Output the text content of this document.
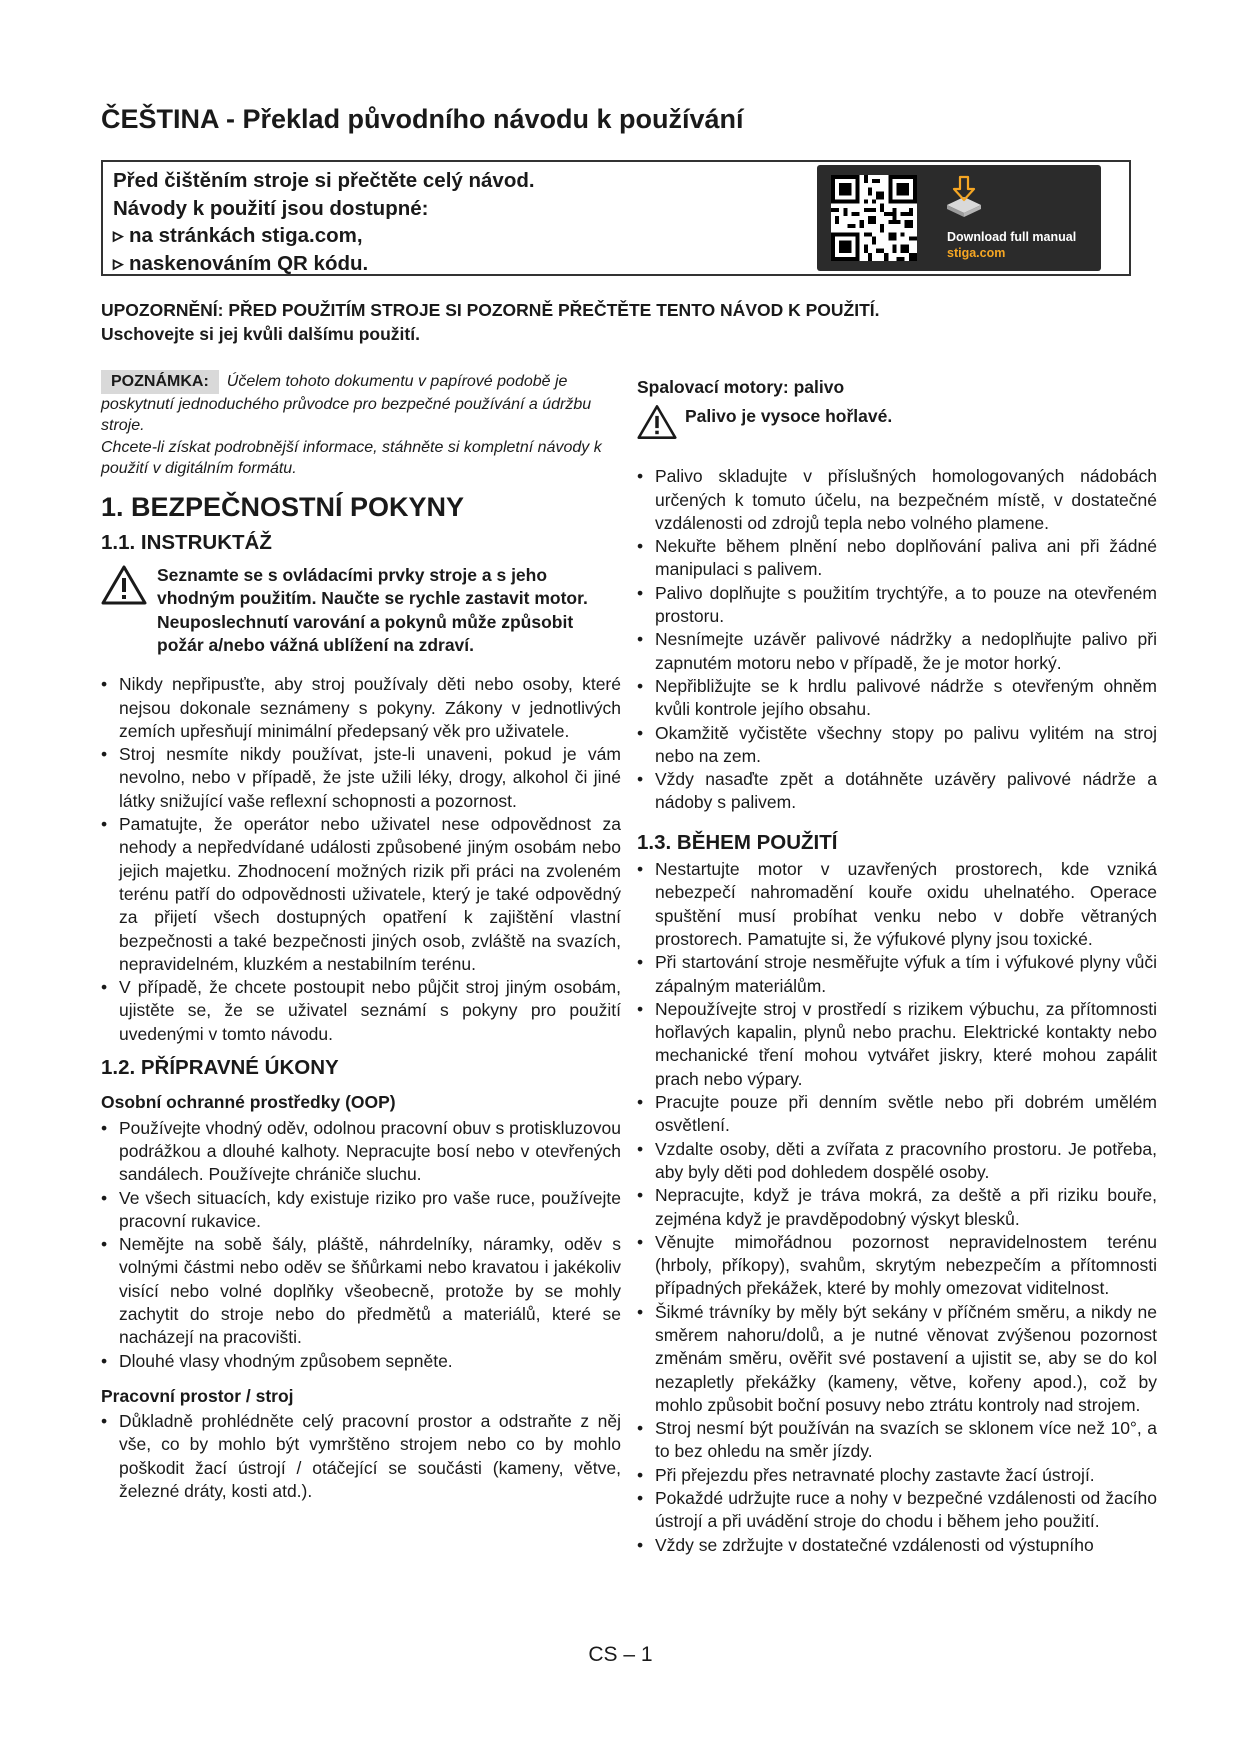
ČEŠTINA - Překlad původního návodu k používání
Před čištěním stroje si přečtěte celý návod.
Návody k použití jsou dostupné:
▹ na stránkách stiga.com,
▹ naskenováním QR kódu.
Download full manual
stiga.com
UPOZORNĚNÍ: PŘED POUŽITÍM STROJE SI POZORNĚ PŘEČTĚTE TENTO NÁVOD K POUŽITÍ.
Uschovejte si jej kvůli dalšímu použití.
POZNÁMKA: Účelem tohoto dokumentu v papírové podobě je poskytnutí jednoduchého průvodce pro bezpečné používání a údržbu stroje.
Chcete-li získat podrobnější informace, stáhněte si kompletní návody k použití v digitálním formátu.
1. BEZPEČNOSTNÍ POKYNY
1.1. INSTRUKTÁŽ
Seznamte se s ovládacími prvky stroje a s jeho vhodným použitím. Naučte se rychle zastavit motor. Neuposlechnutí varování a pokynů může způsobit požár a/nebo vážná ublížení na zdraví.
• Nikdy nepřipusťte, aby stroj používaly děti nebo osoby, které nejsou dokonale seznámeny s pokyny. Zákony v jednotlivých zemích upřesňují minimální předepsaný věk pro uživatele.
• Stroj nesmíte nikdy používat, jste-li unaveni, pokud je vám nevolno, nebo v případě, že jste užili léky, drogy, alkohol či jiné látky snižující vaše reflexní schopnosti a pozornost.
• Pamatujte, že operátor nebo uživatel nese odpovědnost za nehody a nepředvídané události způsobené jiným osobám nebo jejich majetku. Zhodnocení možných rizik při práci na zvoleném terénu patří do odpovědnosti uživatele, který je také odpovědný za přijetí všech dostupných opatření k zajištění vlastní bezpečnosti a také bezpečnosti jiných osob, zvláště na svazích, nepravidelném, kluzkém a nestabilním terénu.
• V případě, že chcete postoupit nebo půjčit stroj jiným osobám, ujistěte se, že se uživatel seznámí s pokyny pro použití uvedenými v tomto návodu.
1.2. PŘÍPRAVNÉ ÚKONY
Osobní ochranné prostředky (OOP)
• Používejte vhodný oděv, odolnou pracovní obuv s protiskluzovou podrážkou a dlouhé kalhoty. Nepracujte bosí nebo v otevřených sandálech. Používejte chrániče sluchu.
• Ve všech situacích, kdy existuje riziko pro vaše ruce, používejte pracovní rukavice.
• Nemějte na sobě šály, pláště, náhrdelníky, náramky, oděv s volnými částmi nebo oděv se šňůrkami nebo kravatou i jakékoliv visící nebo volné doplňky všeobecně, protože by se mohly zachytit do stroje nebo do předmětů a materiálů, které se nacházejí na pracovišti.
• Dlouhé vlasy vhodným způsobem sepněte.
Pracovní prostor / stroj
• Důkladně prohlédněte celý pracovní prostor a odstraňte z něj vše, co by mohlo být vymrštěno strojem nebo co by mohlo poškodit žací ústrojí / otáčející se součásti (kameny, větve, železné dráty, kosti atd.).
Spalovací motory: palivo
Palivo je vysoce hořlavé.
• Palivo skladujte v příslušných homologovaných nádobách určených k tomuto účelu, na bezpečném místě, v dostatečné vzdálenosti od zdrojů tepla nebo volného plamene.
• Nekuřte během plnění nebo doplňování paliva ani při žádné manipulaci s palivem.
• Palivo doplňujte s použitím trychtýře, a to pouze na otevřeném prostoru.
• Nesnímejte uzávěr palivové nádržky a nedoplňujte palivo při zapnutém motoru nebo v případě, že je motor horký.
• Nepřibližujte se k hrdlu palivové nádrže s otevřeným ohněm kvůli kontrole jejího obsahu.
• Okamžitě vyčistěte všechny stopy po palivu vylitém na stroj nebo na zem.
• Vždy nasaďte zpět a dotáhněte uzávěry palivové nádrže a nádoby s palivem.
1.3. BĚHEM POUŽITÍ
• Nestartujte motor v uzavřených prostorech, kde vzniká nebezpečí nahromadění kouře oxidu uhelnatého. Operace spuštění musí probíhat venku nebo v dobře větraných prostorech. Pamatujte si, že výfukové plyny jsou toxické.
• Při startování stroje nesměřujte výfuk a tím i výfukové plyny vůči zápalným materiálům.
• Nepoužívejte stroj v prostředí s rizikem výbuchu, za přítomnosti hořlavých kapalin, plynů nebo prachu. Elektrické kontakty nebo mechanické tření mohou vytvářet jiskry, které mohou zapálit prach nebo výpary.
• Pracujte pouze při denním světle nebo při dobrém umělém osvětlení.
• Vzdalte osoby, děti a zvířata z pracovního prostoru. Je potřeba, aby byly děti pod dohledem dospělé osoby.
• Nepracujte, když je tráva mokrá, za deště a při riziku bouře, zejména když je pravděpodobný výskyt blesků.
• Věnujte mimořádnou pozornost nepravidelnostem terénu (hrboly, příkopy), svahům, skrytým nebezpečím a přítomnosti případných překážek, které by mohly omezovat viditelnost.
• Šikmé trávníky by měly být sekány v příčném směru, a nikdy ne směrem nahoru/dolů, a je nutné věnovat zvýšenou pozornost změnám směru, ověřit své postavení a ujistit se, aby se do kol nezapletly překážky (kameny, větve, kořeny apod.), což by mohlo způsobit boční posuvy nebo ztrátu kontroly nad strojem.
• Stroj nesmí být používán na svazích se sklonem více než 10°, a to bez ohledu na směr jízdy.
• Při přejezdu přes netravnaté plochy zastavte žací ústrojí.
• Pokaždé udržujte ruce a nohy v bezpečné vzdálenosti od žacího ústrojí a při uvádění stroje do chodu i během jeho použití.
• Vždy se zdržujte v dostatečné vzdálenosti od výstupního
CS – 1
